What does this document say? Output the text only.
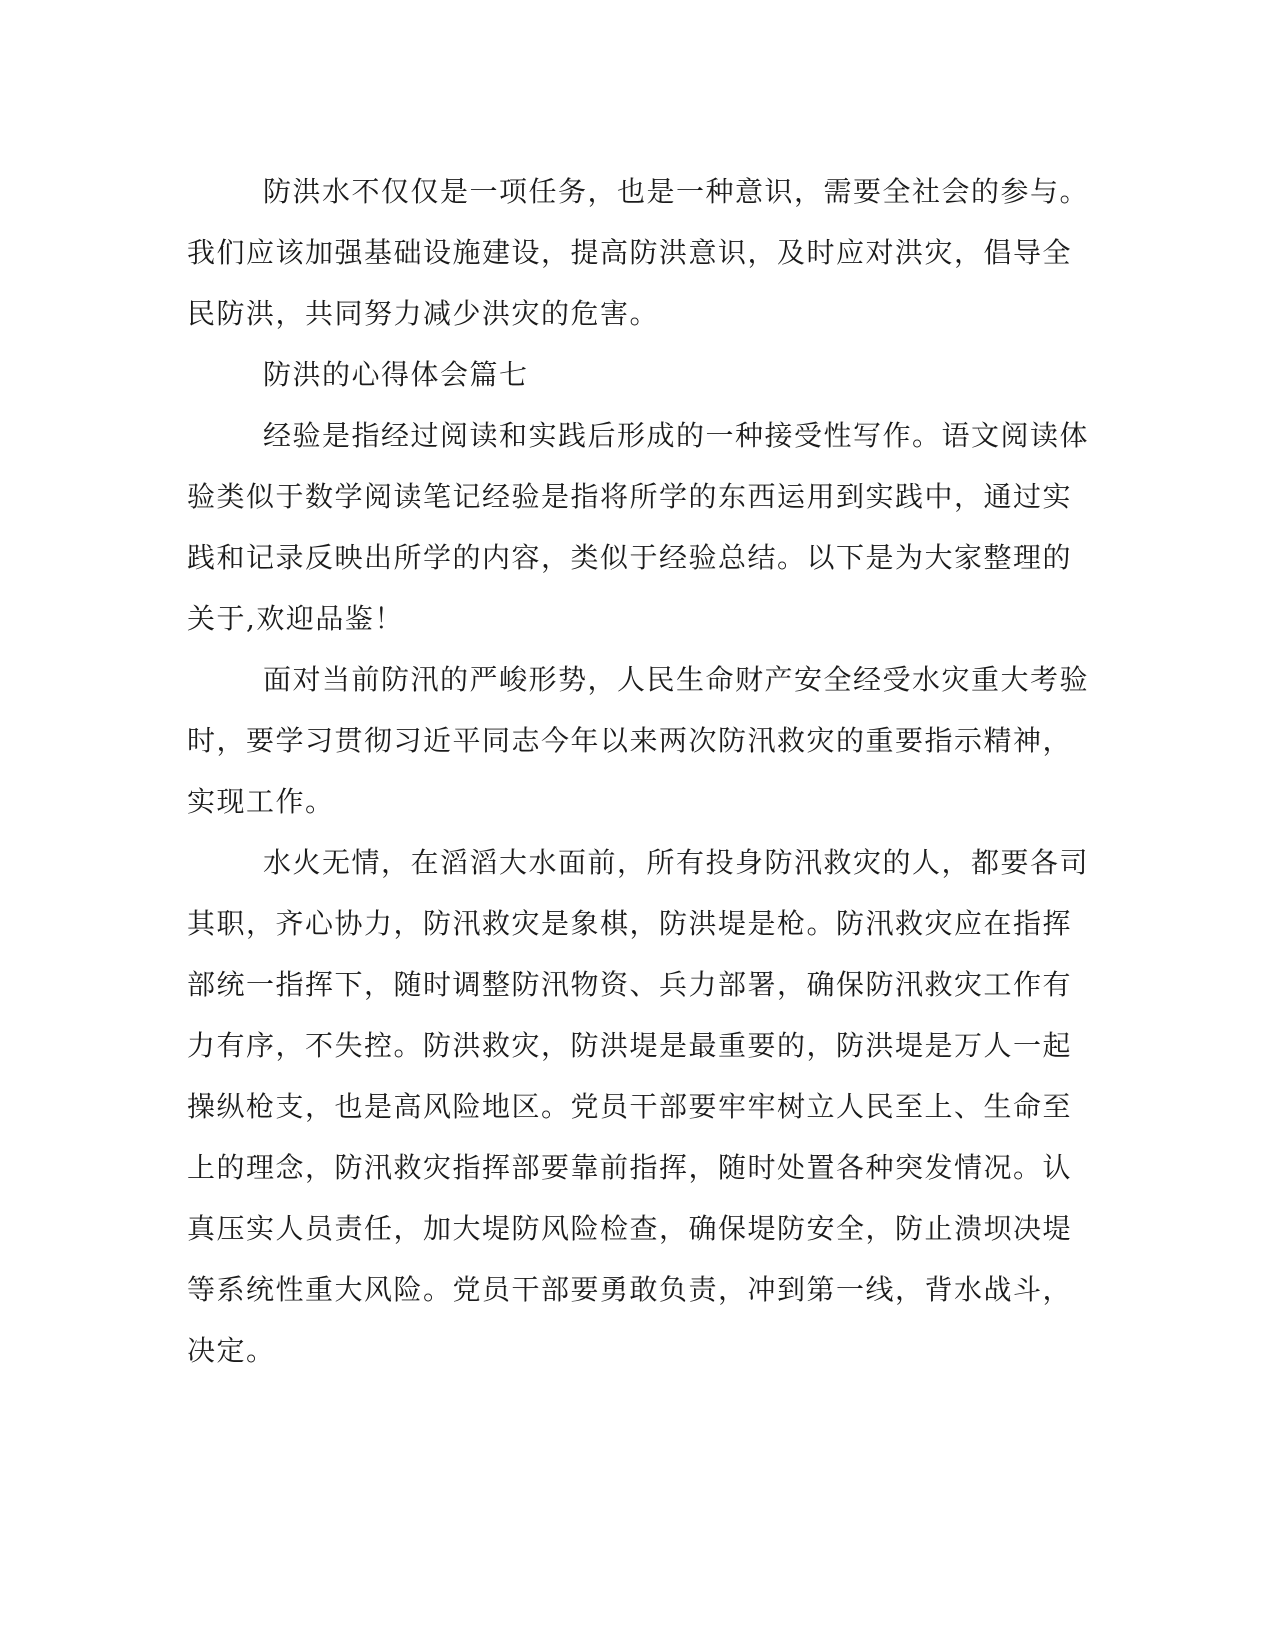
防洪水不仅仅是一项任务，也是一种意识，需要全社会的参与。
我们应该加强基础设施建设，提高防洪意识，及时应对洪灾，倡导全
民防洪，共同努力减少洪灾的危害。

防洪的心得体会篇七

经验是指经过阅读和实践后形成的一种接受性写作。语文阅读体
验类似于数学阅读笔记经验是指将所学的东西运用到实践中，通过实
践和记录反映出所学的内容，类似于经验总结。以下是为大家整理的
关于,欢迎品鉴！

面对当前防汛的严峻形势，人民生命财产安全经受水灾重大考验
时，要学习贯彻习近平同志今年以来两次防汛救灾的重要指示精神，
实现工作。

水火无情，在滔滔大水面前，所有投身防汛救灾的人，都要各司
其职，齐心协力，防汛救灾是象棋，防洪堤是枪。防汛救灾应在指挥
部统一指挥下，随时调整防汛物资、兵力部署，确保防汛救灾工作有
力有序，不失控。防洪救灾，防洪堤是最重要的，防洪堤是万人一起
操纵枪支，也是高风险地区。党员干部要牢牢树立人民至上、生命至
上的理念，防汛救灾指挥部要靠前指挥，随时处置各种突发情况。认
真压实人员责任，加大堤防风险检查，确保堤防安全，防止溃坝决堤
等系统性重大风险。党员干部要勇敢负责，冲到第一线，背水战斗，
决定。
